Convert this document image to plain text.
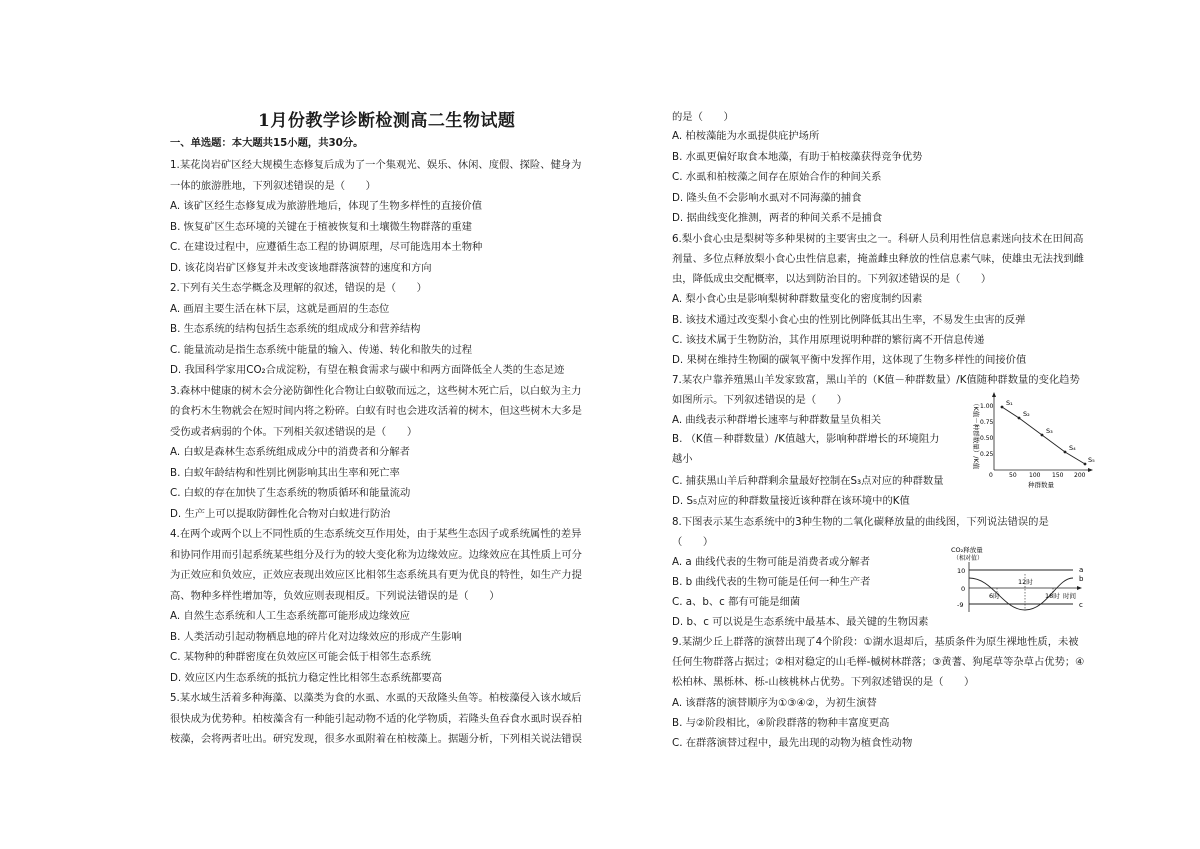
1月份教学诊断检测高二生物试题
一、单选题：本大题共15小题，共30分。
1.某花岗岩矿区经大规模生态修复后成为了一个集观光、娱乐、休闲、度假、探险、健身为
一体的旅游胜地，下列叙述错误的是（　　）
A. 该矿区经生态修复成为旅游胜地后，体现了生物多样性的直接价值
B. 恢复矿区生态环境的关键在于植被恢复和土壤微生物群落的重建
C. 在建设过程中，应遵循生态工程的协调原理，尽可能选用本土物种
D. 该花岗岩矿区修复并未改变该地群落演替的速度和方向
2.下列有关生态学概念及理解的叙述，错误的是（　　）
A. 画眉主要生活在林下层，这就是画眉的生态位
B. 生态系统的结构包括生态系统的组成成分和营养结构
C. 能量流动是指生态系统中能量的输入、传递、转化和散失的过程
D. 我国科学家用CO₂合成淀粉，有望在粮食需求与碳中和两方面降低全人类的生态足迹
3.森林中健康的树木会分泌防御性化合物让白蚁敬而远之，这些树木死亡后，以白蚁为主力
的食朽木生物就会在短时间内将之粉碎。白蚁有时也会进攻活着的树木，但这些树木大多是
受伤或者病弱的个体。下列相关叙述错误的是（　　）
A. 白蚁是森林生态系统组成成分中的消费者和分解者
B. 白蚁年龄结构和性别比例影响其出生率和死亡率
C. 白蚁的存在加快了生态系统的物质循环和能量流动
D. 生产上可以提取防御性化合物对白蚁进行防治
4.在两个或两个以上不同性质的生态系统交互作用处，由于某些生态因子或系统属性的差异
和协同作用而引起系统某些组分及行为的较大变化称为边缘效应。边缘效应在其性质上可分
为正效应和负效应，正效应表现出效应区比相邻生态系统具有更为优良的特性，如生产力提
高、物种多样性增加等，负效应则表现相反。下列说法错误的是（　　）
A. 自然生态系统和人工生态系统都可能形成边缘效应
B. 人类活动引起动物栖息地的碎片化对边缘效应的形成产生影响
C. 某物种的种群密度在负效应区可能会低于相邻生态系统
D. 效应区内生态系统的抵抗力稳定性比相邻生态系统都要高
5.某水域生活着多种海藻、以藻类为食的水虱、水虱的天敌隆头鱼等。柏桉藻侵入该水域后
很快成为优势种。柏桉藻含有一种能引起动物不适的化学物质，若隆头鱼吞食水虱时误吞柏
桉藻，会将两者吐出。研究发现，很多水虱附着在柏桉藻上。据题分析，下列相关说法错误
的是（　　）
A. 柏桉藻能为水虱提供庇护场所
B. 水虱更偏好取食本地藻，有助于柏桉藻获得竞争优势
C. 水虱和柏桉藻之间存在原始合作的种间关系
D. 隆头鱼不会影响水虱对不同海藻的捕食
D. 据曲线变化推测，两者的种间关系不是捕食
6.梨小食心虫是梨树等多种果树的主要害虫之一。科研人员利用性信息素迷向技术在田间高
剂量、多位点释放梨小食心虫性信息素，掩盖雌虫释放的性信息素气味，使雄虫无法找到雌
虫，降低成虫交配概率，以达到防治目的。下列叙述错误的是（　　）
A. 梨小食心虫是影响梨树种群数量变化的密度制约因素
B. 该技术通过改变梨小食心虫的性别比例降低其出生率，不易发生虫害的反弹
C. 该技术属于生物防治，其作用原理说明种群的繁衍离不开信息传递
D. 果树在维持生物圈的碳氧平衡中发挥作用，这体现了生物多样性的间接价值
7.某农户靠养殖黑山羊发家致富，黑山羊的（K值－种群数量）/K值随种群数量的变化趋势
如图所示。下列叙述错误的是（　　）
A. 曲线表示种群增长速率与种群数量呈负相关
B. （K值－种群数量）/K值越大，影响种群增长的环境阻力
越小
C. 捕获黑山羊后种群剩余量最好控制在S₃点对应的种群数量
D. S₅点对应的种群数量接近该种群在该环境中的K值
8.下图表示某生态系统中的3种生物的二氧化碳释放量的曲线图，下列说法错误的是
（　　）
A. a 曲线代表的生物可能是消费者或分解者
B. b 曲线代表的生物可能是任何一种生产者
C. a、b、c 都有可能是细菌
D. b、c 可以说是生态系统中最基本、最关键的生物因素
9.某湖少丘上群落的演替出现了4个阶段：①湖水退却后，基质条件为原生裸地性质，未被
任何生物群落占据过；②相对稳定的山毛榉-槭树林群落；③黄蓍、狗尾草等杂草占优势；④
松柏林、黑栎林、栎-山核桃林占优势。下列叙述错误的是（　　）
A. 该群落的演替顺序为①③④②，为初生演替
B. 与②阶段相比，④阶段群落的物种丰富度更高
C. 在群落演替过程中，最先出现的动物为植食性动物
（K值－种群数量）/K值 1.00
0.75
0.50
0.25
0	50 100 150 200
种群数量
S₁
S₂
S₃
S₄
S₅
CO₂释放量
（相对值）
10
0
-9
6时
12时
18时 时间
a
b
c
